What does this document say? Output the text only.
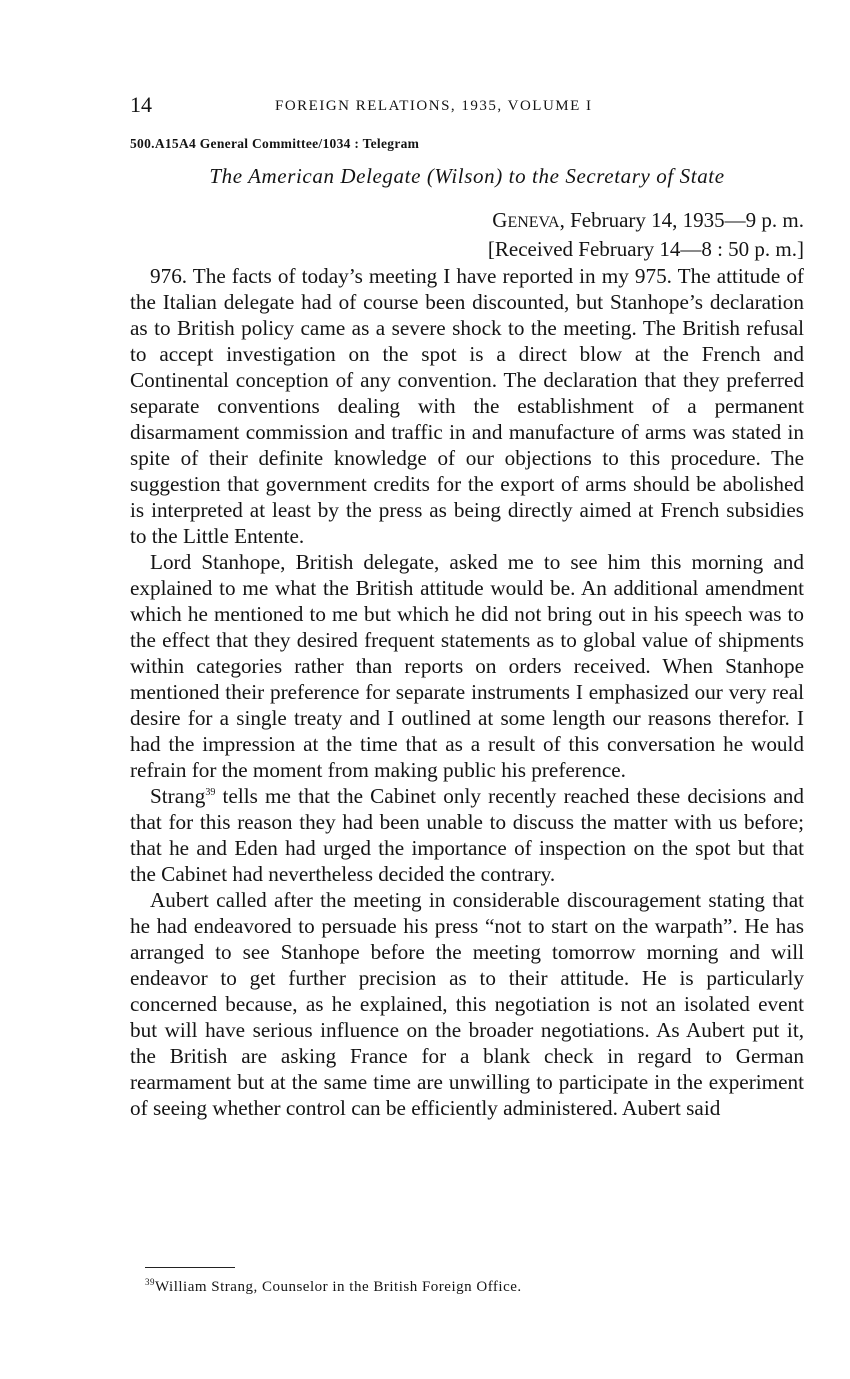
14	FOREIGN RELATIONS, 1935, VOLUME I
500.A15A4 General Committee/1034 : Telegram
The American Delegate (Wilson) to the Secretary of State
GENEVA, February 14, 1935—9 p. m.
[Received February 14—8 : 50 p. m.]

976. The facts of today’s meeting I have reported in my 975. The attitude of the Italian delegate had of course been discounted, but Stanhope’s declaration as to British policy came as a severe shock to the meeting. The British refusal to accept investigation on the spot is a direct blow at the French and Continental conception of any convention. The declaration that they preferred separate conventions dealing with the establishment of a permanent disarmament commission and traffic in and manufacture of arms was stated in spite of their definite knowledge of our objections to this procedure. The suggestion that government credits for the export of arms should be abolished is interpreted at least by the press as being directly aimed at French subsidies to the Little Entente.

Lord Stanhope, British delegate, asked me to see him this morning and explained to me what the British attitude would be. An additional amendment which he mentioned to me but which he did not bring out in his speech was to the effect that they desired frequent statements as to global value of shipments within categories rather than reports on orders received. When Stanhope mentioned their preference for separate instruments I emphasized our very real desire for a single treaty and I outlined at some length our reasons therefor. I had the impression at the time that as a result of this conversation he would refrain for the moment from making public his preference.

Strang$^{39}$ tells me that the Cabinet only recently reached these decisions and that for this reason they had been unable to discuss the matter with us before; that he and Eden had urged the importance of inspection on the spot but that the Cabinet had nevertheless decided the contrary.

Aubert called after the meeting in considerable discouragement stating that he had endeavored to persuade his press “not to start on the warpath”. He has arranged to see Stanhope before the meeting tomorrow morning and will endeavor to get further precision as to their attitude. He is particularly concerned because, as he explained, this negotiation is not an isolated event but will have serious influence on the broader negotiations. As Aubert put it, the British are asking France for a blank check in regard to German rearmament but at the same time are unwilling to participate in the experiment of seeing whether control can be efficiently administered. Aubert said

$^{39}$William Strang, Counselor in the British Foreign Office.
